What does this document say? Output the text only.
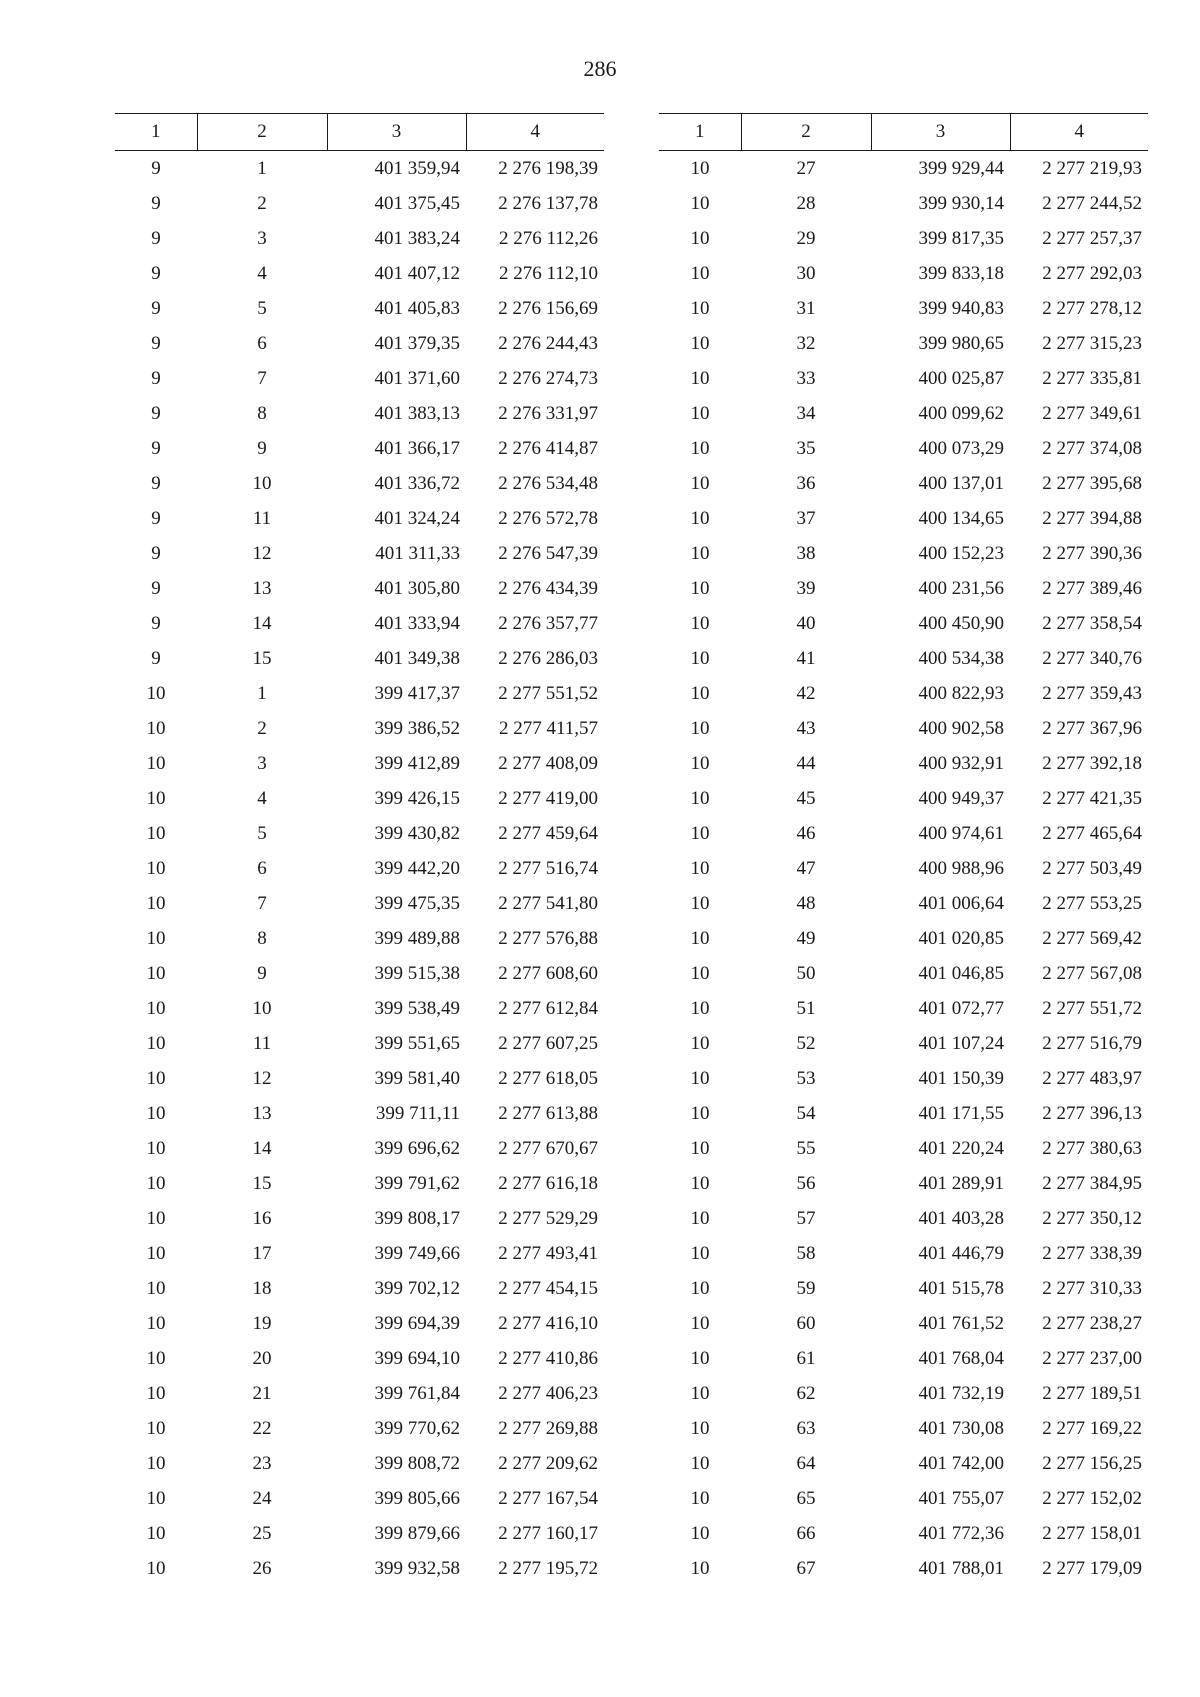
286
1	2	3	4
9	1	401 359,94	2 276 198,39
9	2	401 375,45	2 276 137,78
9	3	401 383,24	2 276 112,26
9	4	401 407,12	2 276 112,10
9	5	401 405,83	2 276 156,69
9	6	401 379,35	2 276 244,43
9	7	401 371,60	2 276 274,73
9	8	401 383,13	2 276 331,97
9	9	401 366,17	2 276 414,87
9	10	401 336,72	2 276 534,48
9	11	401 324,24	2 276 572,78
9	12	401 311,33	2 276 547,39
9	13	401 305,80	2 276 434,39
9	14	401 333,94	2 276 357,77
9	15	401 349,38	2 276 286,03
10	1	399 417,37	2 277 551,52
10	2	399 386,52	2 277 411,57
10	3	399 412,89	2 277 408,09
10	4	399 426,15	2 277 419,00
10	5	399 430,82	2 277 459,64
10	6	399 442,20	2 277 516,74
10	7	399 475,35	2 277 541,80
10	8	399 489,88	2 277 576,88
10	9	399 515,38	2 277 608,60
10	10	399 538,49	2 277 612,84
10	11	399 551,65	2 277 607,25
10	12	399 581,40	2 277 618,05
10	13	399 711,11	2 277 613,88
10	14	399 696,62	2 277 670,67
10	15	399 791,62	2 277 616,18
10	16	399 808,17	2 277 529,29
10	17	399 749,66	2 277 493,41
10	18	399 702,12	2 277 454,15
10	19	399 694,39	2 277 416,10
10	20	399 694,10	2 277 410,86
10	21	399 761,84	2 277 406,23
10	22	399 770,62	2 277 269,88
10	23	399 808,72	2 277 209,62
10	24	399 805,66	2 277 167,54
10	25	399 879,66	2 277 160,17
10	26	399 932,58	2 277 195,72
1	2	3	4
10	27	399 929,44	2 277 219,93
10	28	399 930,14	2 277 244,52
10	29	399 817,35	2 277 257,37
10	30	399 833,18	2 277 292,03
10	31	399 940,83	2 277 278,12
10	32	399 980,65	2 277 315,23
10	33	400 025,87	2 277 335,81
10	34	400 099,62	2 277 349,61
10	35	400 073,29	2 277 374,08
10	36	400 137,01	2 277 395,68
10	37	400 134,65	2 277 394,88
10	38	400 152,23	2 277 390,36
10	39	400 231,56	2 277 389,46
10	40	400 450,90	2 277 358,54
10	41	400 534,38	2 277 340,76
10	42	400 822,93	2 277 359,43
10	43	400 902,58	2 277 367,96
10	44	400 932,91	2 277 392,18
10	45	400 949,37	2 277 421,35
10	46	400 974,61	2 277 465,64
10	47	400 988,96	2 277 503,49
10	48	401 006,64	2 277 553,25
10	49	401 020,85	2 277 569,42
10	50	401 046,85	2 277 567,08
10	51	401 072,77	2 277 551,72
10	52	401 107,24	2 277 516,79
10	53	401 150,39	2 277 483,97
10	54	401 171,55	2 277 396,13
10	55	401 220,24	2 277 380,63
10	56	401 289,91	2 277 384,95
10	57	401 403,28	2 277 350,12
10	58	401 446,79	2 277 338,39
10	59	401 515,78	2 277 310,33
10	60	401 761,52	2 277 238,27
10	61	401 768,04	2 277 237,00
10	62	401 732,19	2 277 189,51
10	63	401 730,08	2 277 169,22
10	64	401 742,00	2 277 156,25
10	65	401 755,07	2 277 152,02
10	66	401 772,36	2 277 158,01
10	67	401 788,01	2 277 179,09
